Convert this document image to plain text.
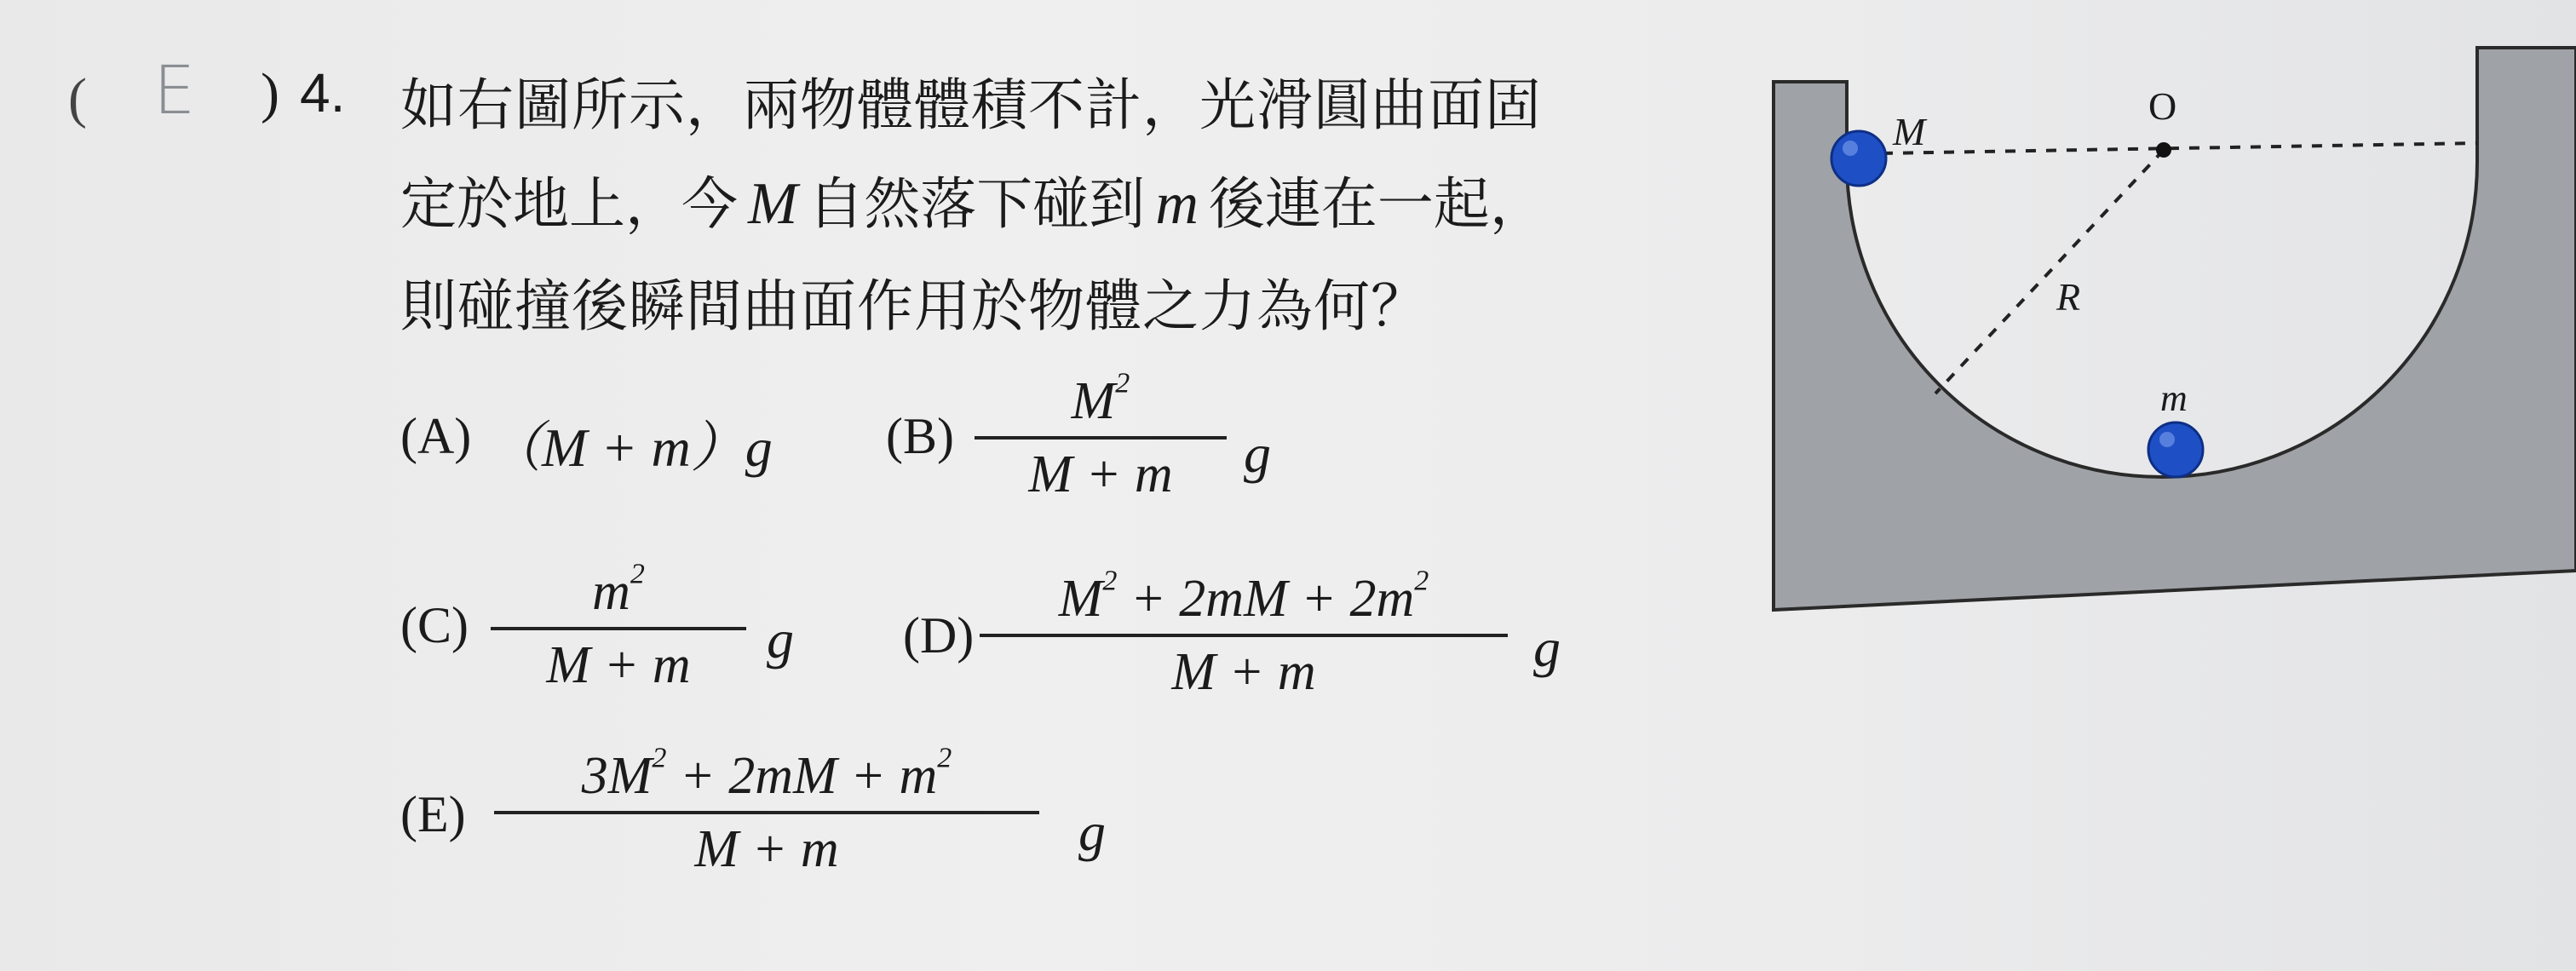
( E ) 4. 如右圖所示，兩物體體積不計，光滑圓曲面固
定於地上，今 M 自然落下碰到 m 後連在一起，
則碰撞後瞬間曲面作用於物體之力為何？
(A) （M + m）g (B)
$M^2$
M + m	g
(C)
$m^2$
M + m	g (D)
$M^2 + 2mM + 2m^2$
M + m	g
(E)
$3M^2 + 2mM + m^2$
M + m	g
M
O
R
m
